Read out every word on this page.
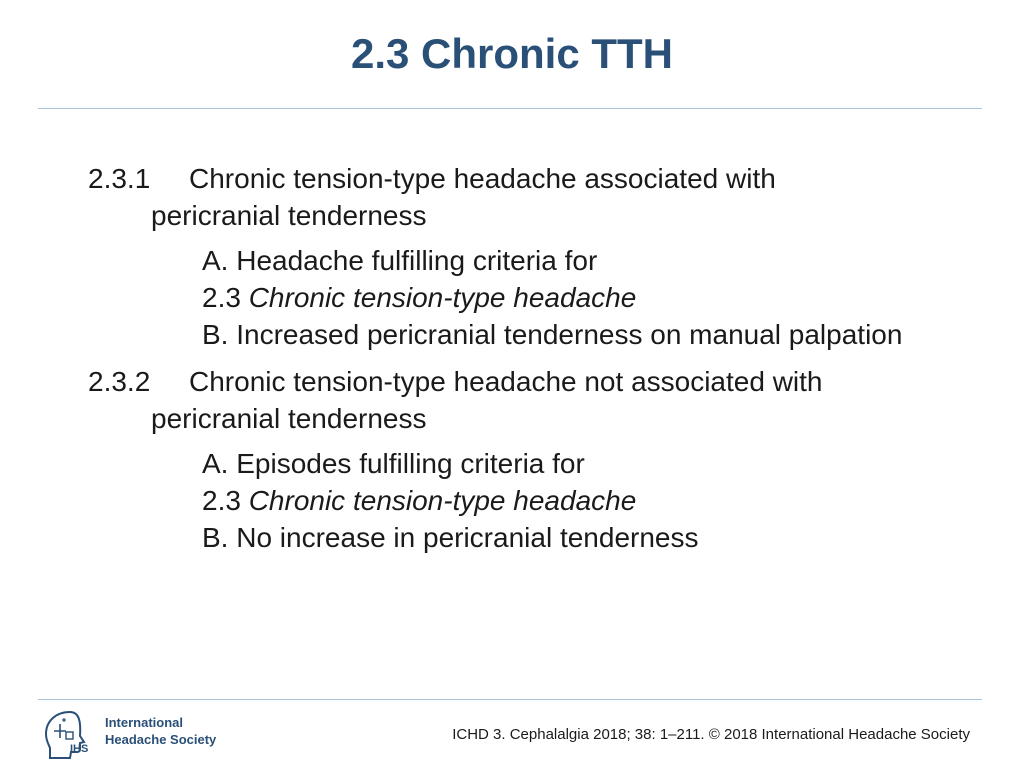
2.3 Chronic TTH
2.3.1 Chronic tension-type headache associated with
pericranial tenderness
A. Headache fulfilling criteria for
2.3 Chronic tension-type headache
B. Increased pericranial tenderness on manual palpation
2.3.2 Chronic tension-type headache not associated with
pericranial tenderness
A. Episodes fulfilling criteria for
2.3 Chronic tension-type headache
B. No increase in pericranial tenderness
IHS
International
Headache Society	ICHD 3. Cephalalgia 2018; 38: 1–211. © 2018 International Headache Society
